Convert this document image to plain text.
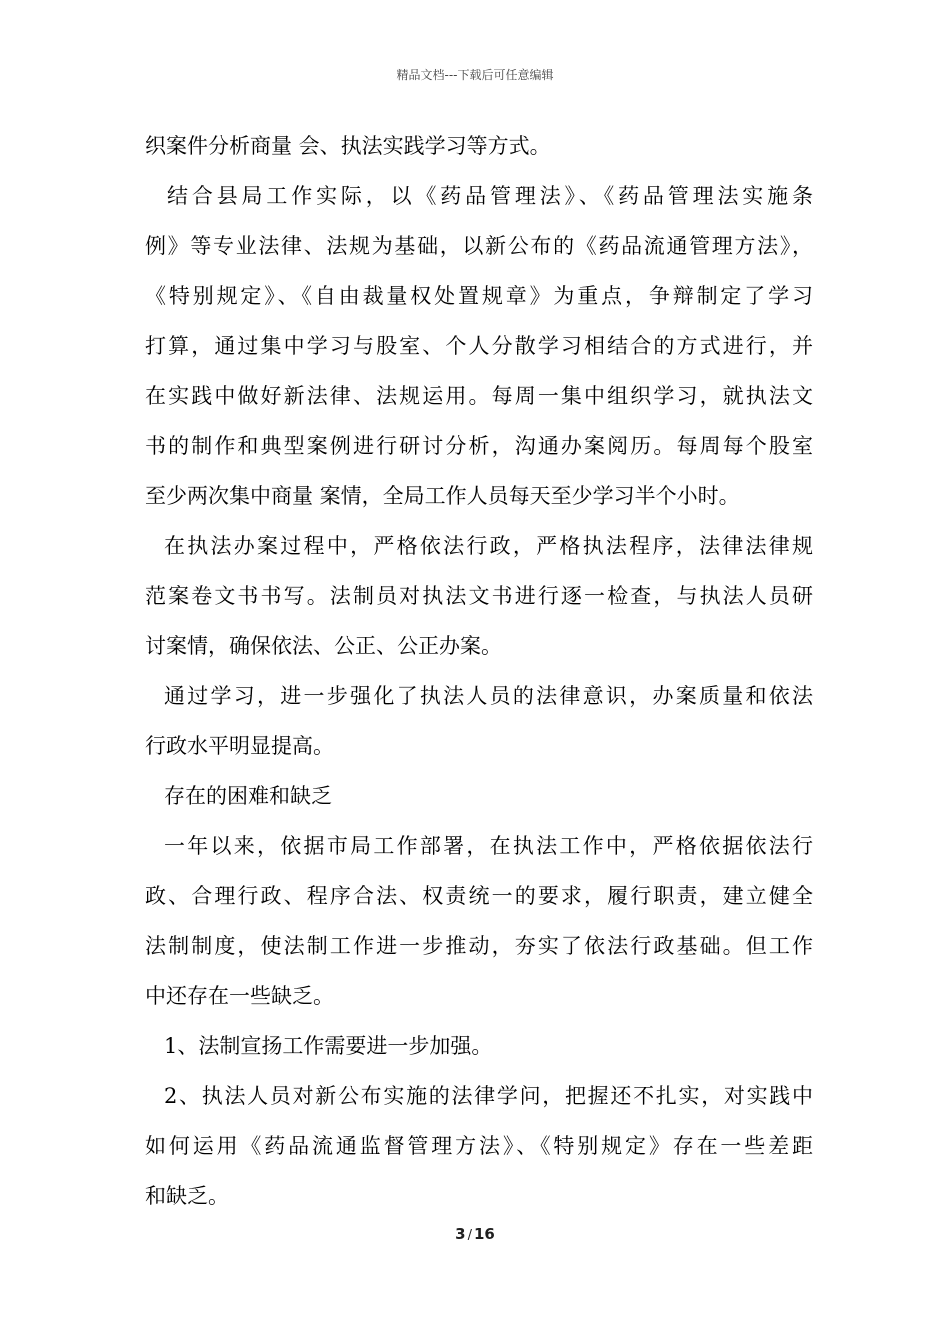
精品文档---下载后可任意编辑
织案件分析商量 会、执法实践学习等方式。
结合县局工作实际，以《药品管理法》、《药品管理法实施条
例》等专业法律、法规为基础，以新公布的《药品流通管理方法》，
《特别规定》、《自由裁量权处置规章》为重点，争辩制定了学习
打算，通过集中学习与股室、个人分散学习相结合的方式进行，并
在实践中做好新法律、法规运用。每周一集中组织学习，就执法文
书的制作和典型案例进行研讨分析，沟通办案阅历。每周每个股室
至少两次集中商量 案情，全局工作人员每天至少学习半个小时。
在执法办案过程中，严格依法行政，严格执法程序，法律法律规
范案卷文书书写。法制员对执法文书进行逐一检查，与执法人员研
讨案情，确保依法、公正、公正办案。
通过学习，进一步强化了执法人员的法律意识，办案质量和依法
行政水平明显提高。
存在的困难和缺乏
一年以来，依据市局工作部署，在执法工作中，严格依据依法行
政、合理行政、程序合法、权责统一的要求，履行职责，建立健全
法制制度，使法制工作进一步推动，夯实了依法行政基础。但工作
中还存在一些缺乏。
1、法制宣扬工作需要进一步加强。
2、执法人员对新公布实施的法律学问，把握还不扎实，对实践中
如何运用《药品流通监督管理方法》、《特别规定》存在一些差距
和缺乏。
3 / 16
